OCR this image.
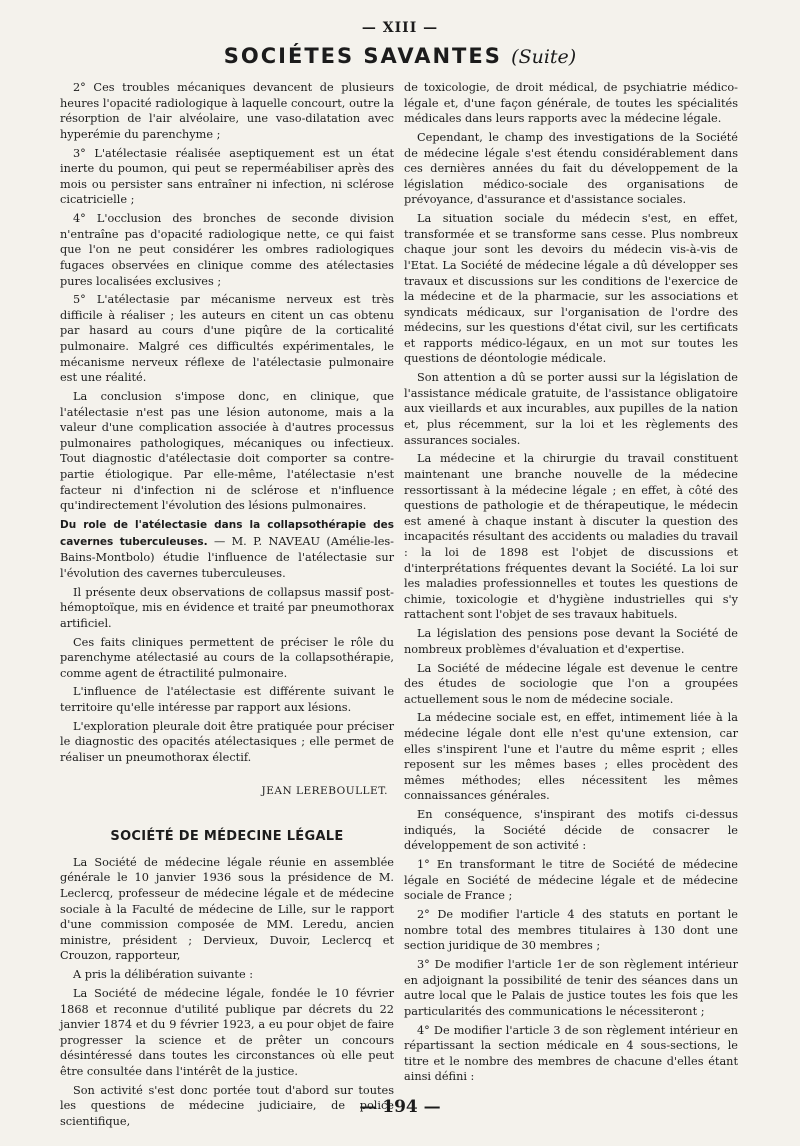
— XIII —
SOCIÉTES SAVANTES (Suite)

2° Ces troubles mécaniques devancent de plusieurs heures l'opacité radiologique à laquelle concourt, outre la résorption de l'air alvéolaire, une vaso-dilatation avec hyperémie du parenchyme ;

3° L'atélectasie réalisée aseptiquement est un état inerte du poumon, qui peut se reperméabiliser après des mois ou persister sans entraîner ni infection, ni sclérose cicatricielle ;

4° L'occlusion des bronches de seconde division n'entraîne pas d'opacité radiologique nette, ce qui faist que l'on ne peut considérer les ombres radiologiques fugaces observées en clinique comme des atélectasies pures localisées exclusives ;

5° L'atélectasie par mécanisme nerveux est très difficile à réaliser ; les auteurs en citent un cas obtenu par hasard au cours d'une piqûre de la corticalité pulmonaire. Malgré ces difficultés expérimentales, le mécanisme nerveux réflexe de l'atélectasie pulmonaire est une réalité.

La conclusion s'impose donc, en clinique, que l'atélectasie n'est pas une lésion autonome, mais a la valeur d'une complication associée à d'autres processus pulmonaires pathologiques, mécaniques ou infectieux. Tout diagnostic d'atélectasie doit comporter sa contre-partie étiologique. Par elle-même, l'atélectasie n'est facteur ni d'infection ni de sclérose et n'influence qu'indirectement l'évolution des lésions pulmonaires.

Du role de l'atélectasie dans la collapsothérapie des cavernes tuberculeuses. — M. P. NAVEAU (Amélie-les-Bains-Montbolo) étudie l'influence de l'atélectasie sur l'évolution des cavernes tuberculeuses.

Il présente deux observations de collapsus massif post-hémoptoïque, mis en évidence et traité par pneumothorax artificiel.

Ces faits cliniques permettent de préciser le rôle du parenchyme atélectasié au cours de la collapsothérapie, comme agent de étractilité pulmonaire.

L'influence de l'atélectasie est différente suivant le territoire qu'elle intéresse par rapport aux lésions.

L'exploration pleurale doit être pratiquée pour préciser le diagnostic des opacités atélectasiques ; elle permet de réaliser un pneumothorax électif.

JEAN LEREBOULLET.
SOCIÉTÉ DE MÉDECINE LÉGALE

La Société de médecine légale réunie en assemblée générale le 10 janvier 1936 sous la présidence de M. Leclercq, professeur de médecine légale et de médecine sociale à la Faculté de médecine de Lille, sur le rapport d'une commission composée de MM. Leredu, ancien ministre, président ; Dervieux, Duvoir, Leclercq et Crouzon, rapporteur,

A pris la délibération suivante :

La Société de médecine légale, fondée le 10 février 1868 et reconnue d'utilité publique par décrets du 22 janvier 1874 et du 9 février 1923, a eu pour objet de faire progresser la science et de prêter un concours désintéressé dans toutes les circonstances où elle peut être consultée dans l'intérêt de la justice.

Son activité s'est donc portée tout d'abord sur toutes les questions de médecine judiciaire, de police scientifique,

de toxicologie, de droit médical, de psychiatrie médico-légale et, d'une façon générale, de toutes les spécialités médicales dans leurs rapports avec la médecine légale.

Cependant, le champ des investigations de la Société de médecine légale s'est étendu considérablement dans ces dernières années du fait du développement de la législation médico-sociale des organisations de prévoyance, d'assurance et d'assistance sociales.

La situation sociale du médecin s'est, en effet, transformée et se transforme sans cesse. Plus nombreux chaque jour sont les devoirs du médecin vis-à-vis de l'Etat. La Société de médecine légale a dû développer ses travaux et discussions sur les conditions de l'exercice de la médecine et de la pharmacie, sur les associations et syndicats médicaux, sur l'organisation de l'ordre des médecins, sur les questions d'état civil, sur les certificats et rapports médico-légaux, en un mot sur toutes les questions de déontologie médicale.

Son attention a dû se porter aussi sur la législation de l'assistance médicale gratuite, de l'assistance obligatoire aux vieillards et aux incurables, aux pupilles de la nation et, plus récemment, sur la loi et les règlements des assurances sociales.

La médecine et la chirurgie du travail constituent maintenant une branche nouvelle de la médecine ressortissant à la médecine légale ; en effet, à côté des questions de pathologie et de thérapeutique, le médecin est amené à chaque instant à discuter la question des incapacités résultant des accidents ou maladies du travail : la loi de 1898 est l'objet de discussions et d'interprétations fréquentes devant la Société. La loi sur les maladies professionnelles et toutes les questions de chimie, toxicologie et d'hygiène industrielles qui s'y rattachent sont l'objet de ses travaux habituels.

La législation des pensions pose devant la Société de nombreux problèmes d'évaluation et d'expertise.

La Société de médecine légale est devenue le centre des études de sociologie que l'on a groupées actuellement sous le nom de médecine sociale.

La médecine sociale est, en effet, intimement liée à la médecine légale dont elle n'est qu'une extension, car elles s'inspirent l'une et l'autre du même esprit ; elles reposent sur les mêmes bases ; elles procèdent des mêmes méthodes; elles nécessitent les mêmes connaissances générales.

En conséquence, s'inspirant des motifs ci-dessus indiqués, la Société décide de consacrer le développement de son activité :

1° En transformant le titre de Société de médecine légale en Société de médecine légale et de médecine sociale de France ;

2° De modifier l'article 4 des statuts en portant le nombre total des membres titulaires à 130 dont une section juridique de 30 membres ;

3° De modifier l'article 1er de son règlement intérieur en adjoignant la possibilité de tenir des séances dans un autre local que le Palais de justice toutes les fois que les particularités des communications le nécessiteront ;

4° De modifier l'article 3 de son règlement intérieur en répartissant la section médicale en 4 sous-sections, le titre et le nombre des membres de chacune d'elles étant ainsi défini :

— 194 —
